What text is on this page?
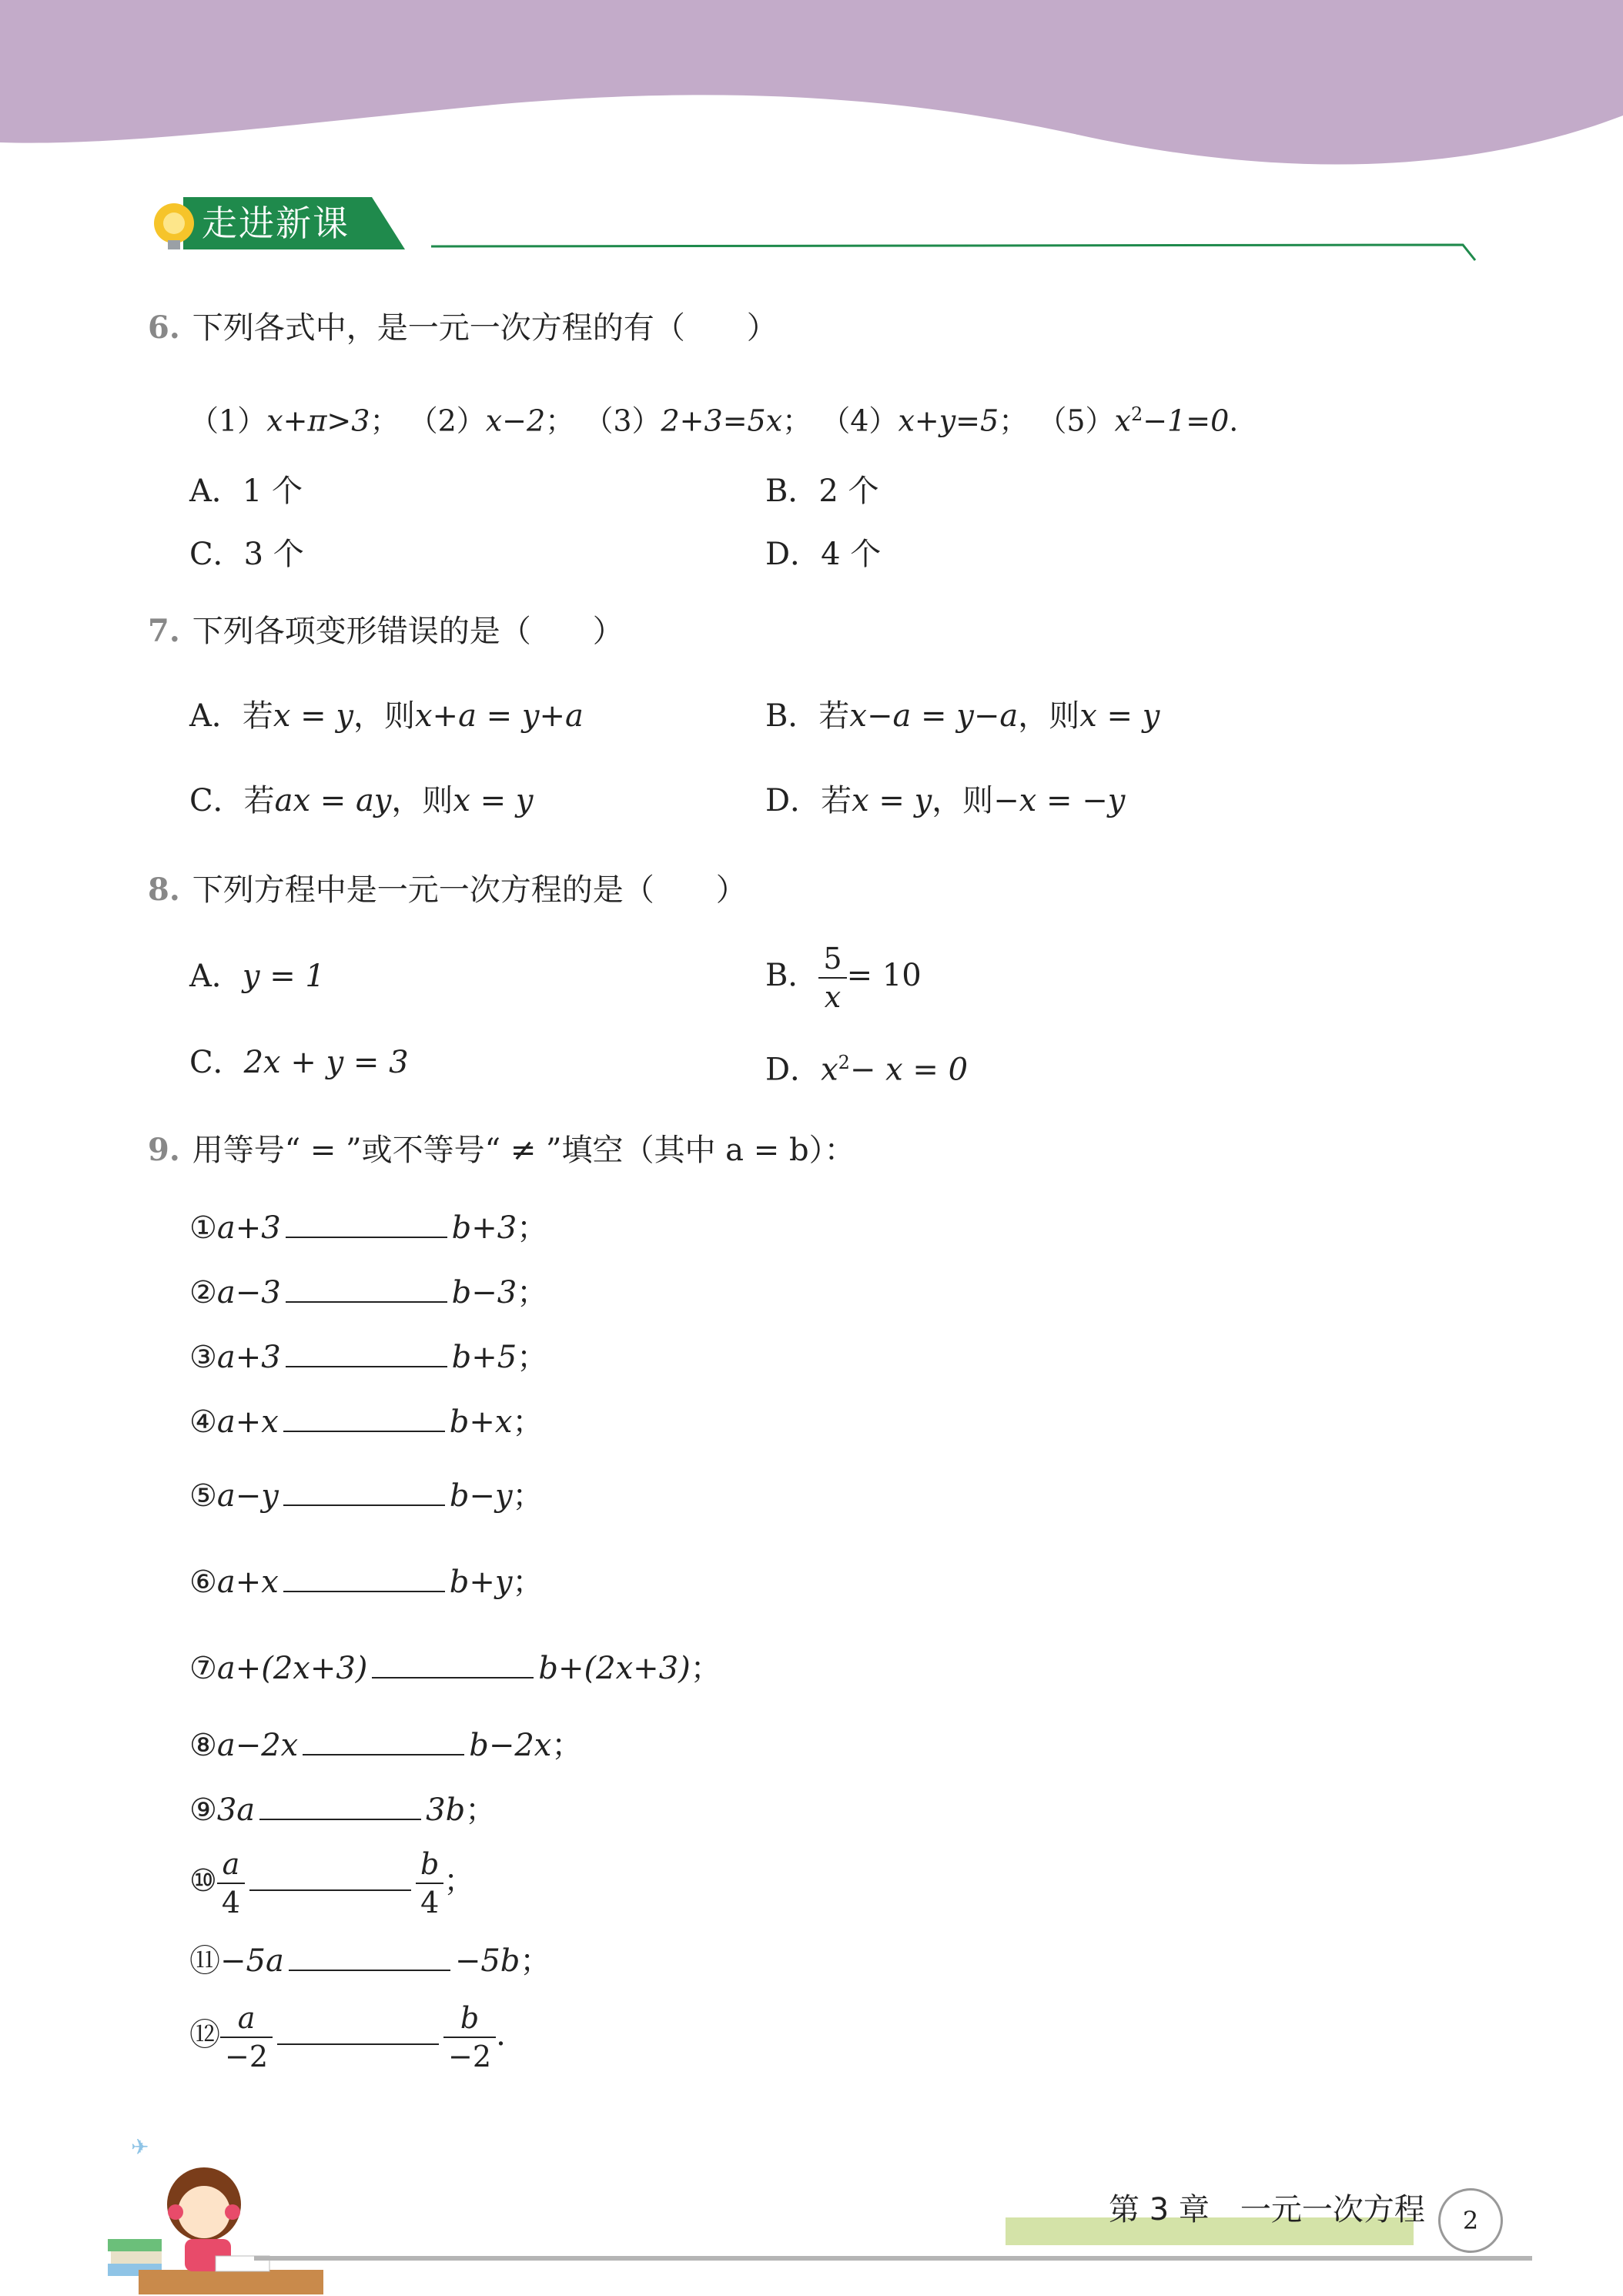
走进新课
6. 下列各式中，是一元一次方程的有（　　）
（1）x+π>3； （2）x−2； （3）2+3=5x； （4）x+y=5； $(5)x^2-1=0$.
A．1 个	B．2 个
C．3 个	D．4 个
7. 下列各项变形错误的是（　　）
A．若x = y，则x+a = y+a	B．若x−a = y−a，则x = y
C．若ax = ay，则x = y	D．若x = y，则−x = −y
8. 下列方程中是一元一次方程的是（　　）
A．y = 1	B． $\frac{5}{x} = 10$
C．2x + y = 3	D．$x^2- x = 0$
9. 用等号“ = ”或不等号“ ≠ ”填空（其中 a = b）：
①a+3	b+3；
②a−3	b−3；
③a+3	b+5；
④a+x	b+x；
⑤a−y	b−y；
⑥a+x	b+y；
⑦a+(2x+3)	b+(2x+3)；
⑧a−2x	b−2x；
⑨3a	3b；
⑩ $\frac{a}{4}$	$\frac{b}{4}$ ；
⑪−5a	−5b；
⑫ $\frac{a}{-2}$	$\frac{b}{-2}$ .
✈
第 3 章　一元一次方程	2
